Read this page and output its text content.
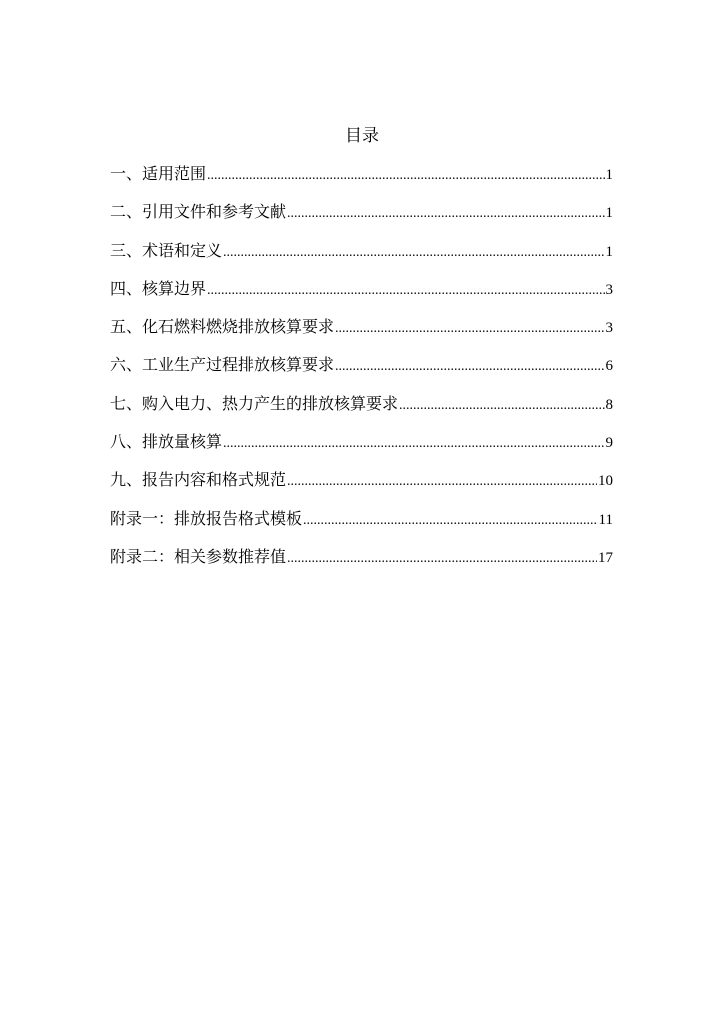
目录
一、适用范围 .....	1
二、引用文件和参考文献 .....	1
三、术语和定义 .....	1
四、核算边界 .....	3
五、化石燃料燃烧排放核算要求 .....	3
六、工业生产过程排放核算要求 .....	6
七、购入电力、热力产生的排放核算要求 .....	8
八、排放量核算 .....	9
九、报告内容和格式规范 .....	10
附录一：排放报告格式模板 .....	11
附录二：相关参数推荐值 .....	17
